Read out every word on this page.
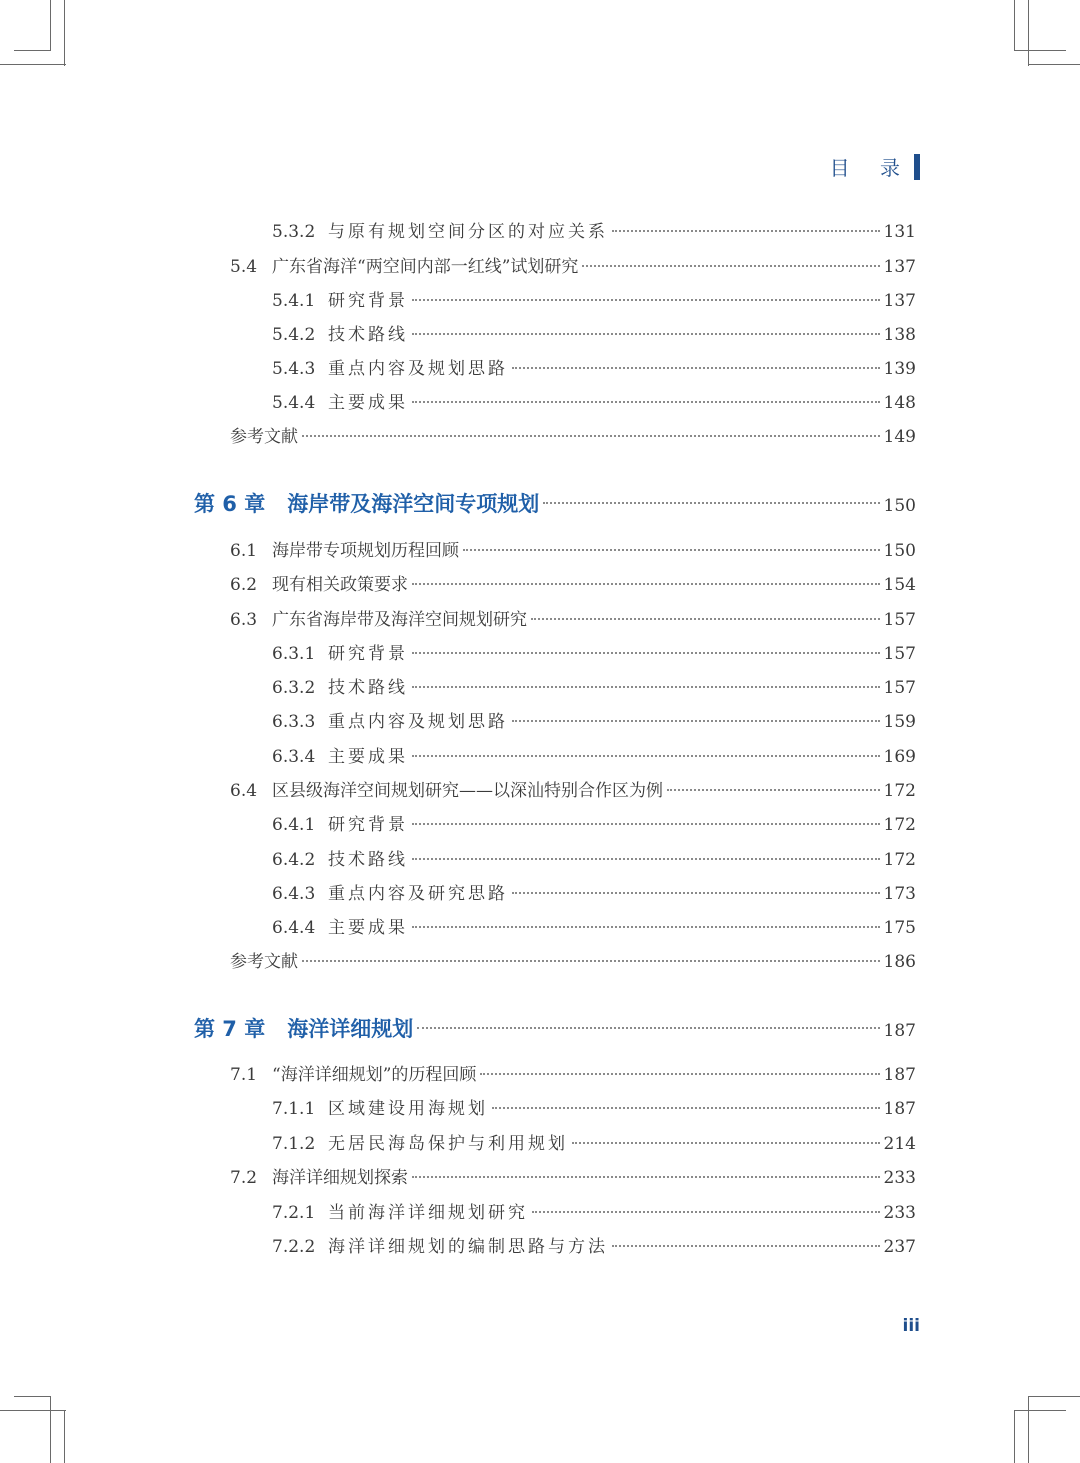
目 录
5.3.2 与原有规划空间分区的对应关系	131
5.4 广东省海洋“两空间内部一红线”试划研究	137
5.4.1 研究背景	137
5.4.2 技术路线	138
5.4.3 重点内容及规划思路	139
5.4.4 主要成果	148
参考文献	149
第 6 章 海岸带及海洋空间专项规划	150
6.1 海岸带专项规划历程回顾	150
6.2 现有相关政策要求	154
6.3 广东省海岸带及海洋空间规划研究	157
6.3.1 研究背景	157
6.3.2 技术路线	157
6.3.3 重点内容及规划思路	159
6.3.4 主要成果	169
6.4 区县级海洋空间规划研究——以深汕特别合作区为例	172
6.4.1 研究背景	172
6.4.2 技术路线	172
6.4.3 重点内容及研究思路	173
6.4.4 主要成果	175
参考文献	186
第 7 章 海洋详细规划	187
7.1 “海洋详细规划”的历程回顾	187
7.1.1 区域建设用海规划	187
7.1.2 无居民海岛保护与利用规划	214
7.2 海洋详细规划探索	233
7.2.1 当前海洋详细规划研究	233
7.2.2 海洋详细规划的编制思路与方法	237
iii
